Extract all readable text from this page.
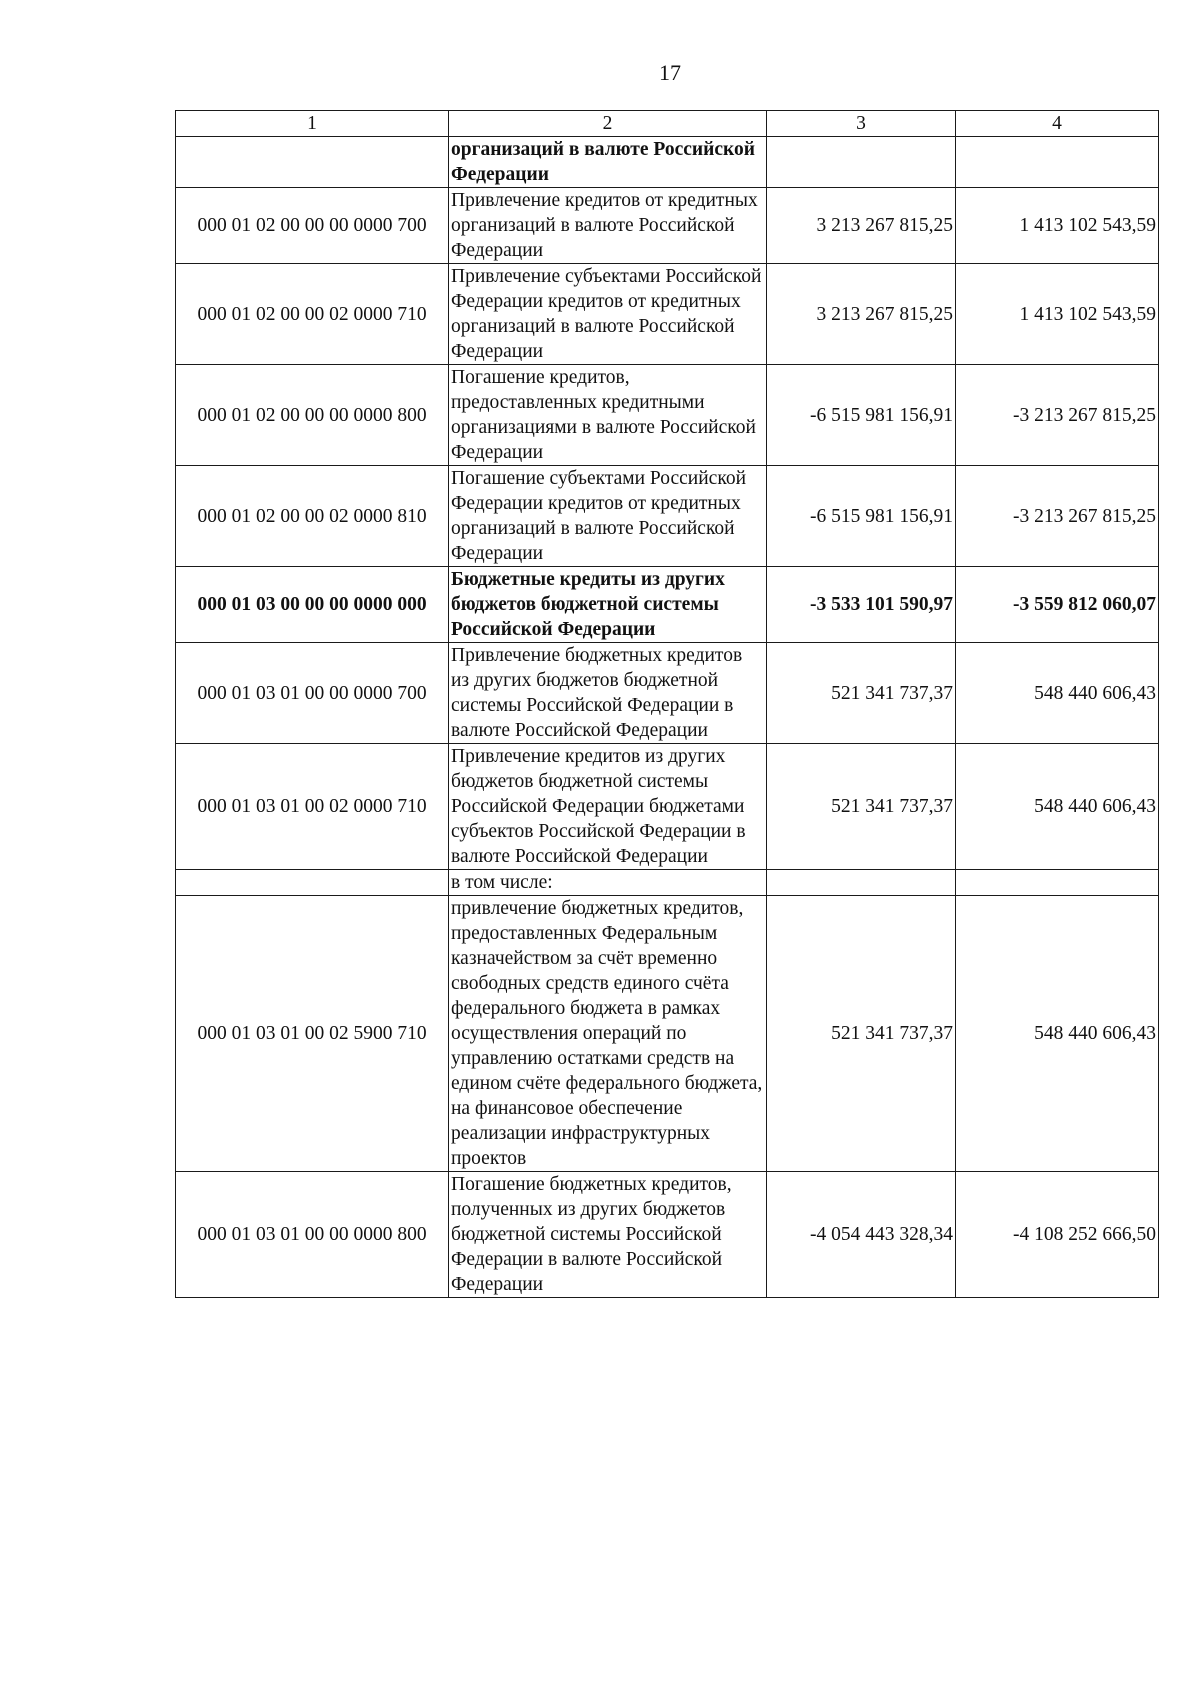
17
1	2	3	4
	организаций в валюте Российской Федерации		
000 01 02 00 00 00 0000 700	Привлечение кредитов от кредитных организаций в валюте Российской Федерации	3 213 267 815,25	1 413 102 543,59
000 01 02 00 00 02 0000 710	Привлечение субъектами Российской Федерации кредитов от кредитных организаций в валюте Российской Федерации	3 213 267 815,25	1 413 102 543,59
000 01 02 00 00 00 0000 800	Погашение кредитов, предоставленных кредитными организациями в валюте Российской Федерации	-6 515 981 156,91	-3 213 267 815,25
000 01 02 00 00 02 0000 810	Погашение субъектами Российской Федерации кредитов от кредитных организаций в валюте Российской Федерации	-6 515 981 156,91	-3 213 267 815,25
000 01 03 00 00 00 0000 000	Бюджетные кредиты из других бюджетов бюджетной системы Российской Федерации	-3 533 101 590,97	-3 559 812 060,07
000 01 03 01 00 00 0000 700	Привлечение бюджетных кредитов из других бюджетов бюджетной системы Российской Федерации в валюте Российской Федерации	521 341 737,37	548 440 606,43
000 01 03 01 00 02 0000 710	Привлечение кредитов из других бюджетов бюджетной системы Российской Федерации бюджетами субъектов Российской Федерации в валюте Российской Федерации	521 341 737,37	548 440 606,43
	в том числе:		
000 01 03 01 00 02 5900 710	привлечение бюджетных кредитов, предоставленных Федеральным казначейством за счёт временно свободных средств единого счёта федерального бюджета в рамках осуществления операций по управлению остатками средств на едином счёте федерального бюджета, на финансовое обеспечение реализации инфраструктурных проектов	521 341 737,37	548 440 606,43
000 01 03 01 00 00 0000 800	Погашение бюджетных кредитов, полученных из других бюджетов бюджетной системы Российской Федерации в валюте Российской Федерации	-4 054 443 328,34	-4 108 252 666,50
